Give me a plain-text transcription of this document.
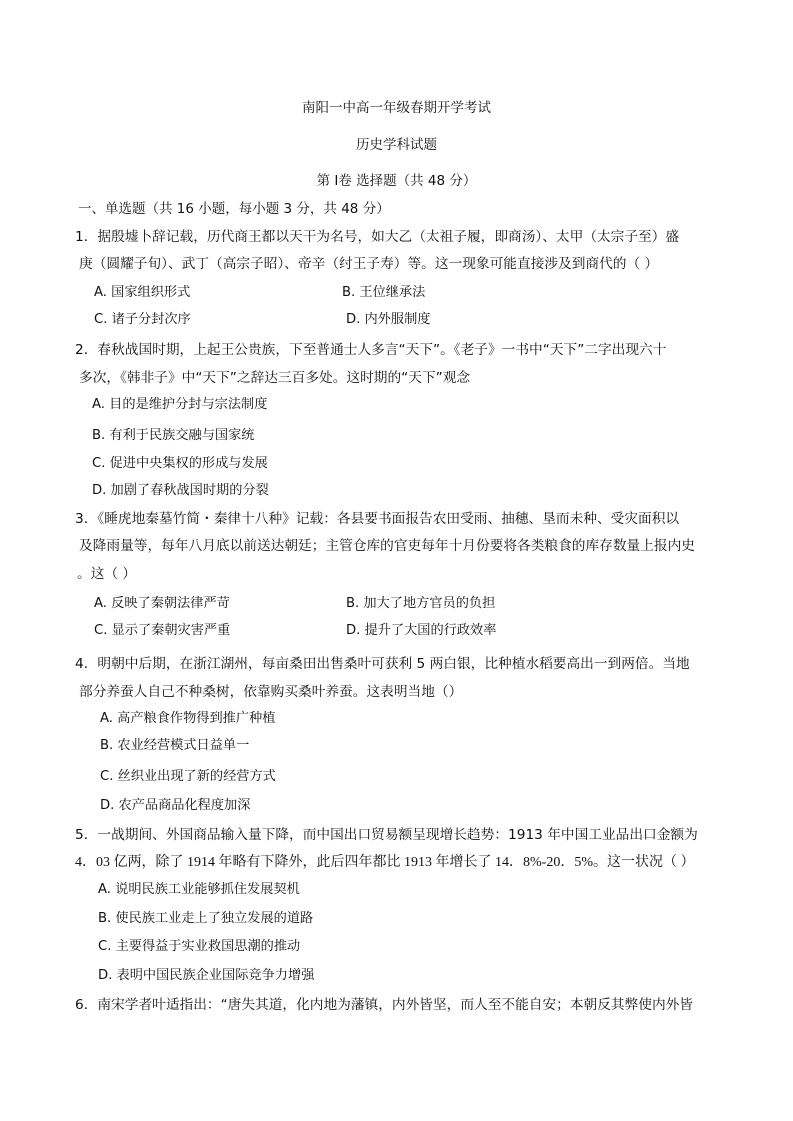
南阳一中高一年级春期开学考试
历史学科试题
第 Ⅰ卷 选择题（共 48 分）
一、单选题（共 16 小题，每小题 3 分，共 48 分）
1．据殷墟卜辞记载，历代商王都以天干为名号，如大乙（太祖子履，即商汤）、太甲（太宗子至）盛
庚（圆耀子旬）、武丁（高宗子昭）、帝辛（纣王子寿）等。这一现象可能直接涉及到商代的（ ）
A. 国家组织形式	B. 王位继承法
C. 诸子分封次序	D. 内外服制度
2．春秋战国时期，上起王公贵族，下至普通士人多言“天下”。《老子》一书中“天下”二字出现六十
多次，《韩非子》中“天下”之辞达三百多处。这时期的“天下”观念
A. 目的是维护分封与宗法制度
B. 有利于民族交融与国家统
C. 促进中央集权的形成与发展
D. 加剧了春秋战国时期的分裂
3．《睡虎地秦墓竹简・秦律十八种》记载：各县要书面报告农田受雨、抽穗、垦而未种、受灾面积以
及降雨量等，每年八月底以前送达朝廷；主管仓库的官吏每年十月份要将各类粮食的库存数量上报内史
。这（ ）
A. 反映了秦朝法律严苛	B. 加大了地方官员的负担
C. 显示了秦朝灾害严重	D. 提升了大国的行政效率
4．明朝中后期，在浙江湖州，每亩桑田出售桑叶可获利 5 两白银，比种植水稻要高出一到两倍。当地
部分养蚕人自己不种桑树，依靠购买桑叶养蚕。这表明当地（）
A. 高产粮食作物得到推广种植
B. 农业经营模式日益单一
C. 丝织业出现了新的经营方式
D. 农产品商品化程度加深
5．一战期间、外国商品输入量下降，而中国出口贸易额呈现增长趋势：1913 年中国工业品出口金额为
4．03 亿两，除了 1914 年略有下降外，此后四年都比 1913 年增长了 14．8%-20．5%。这一状况（ ）
A. 说明民族工业能够抓住发展契机
B. 使民族工业走上了独立发展的道路
C. 主要得益于实业救国思潮的推动
D. 表明中国民族企业国际竞争力增强
6．南宋学者叶适指出：“唐失其道，化内地为藩镇，内外皆坚，而人至不能自安；本朝反其弊使内外皆
